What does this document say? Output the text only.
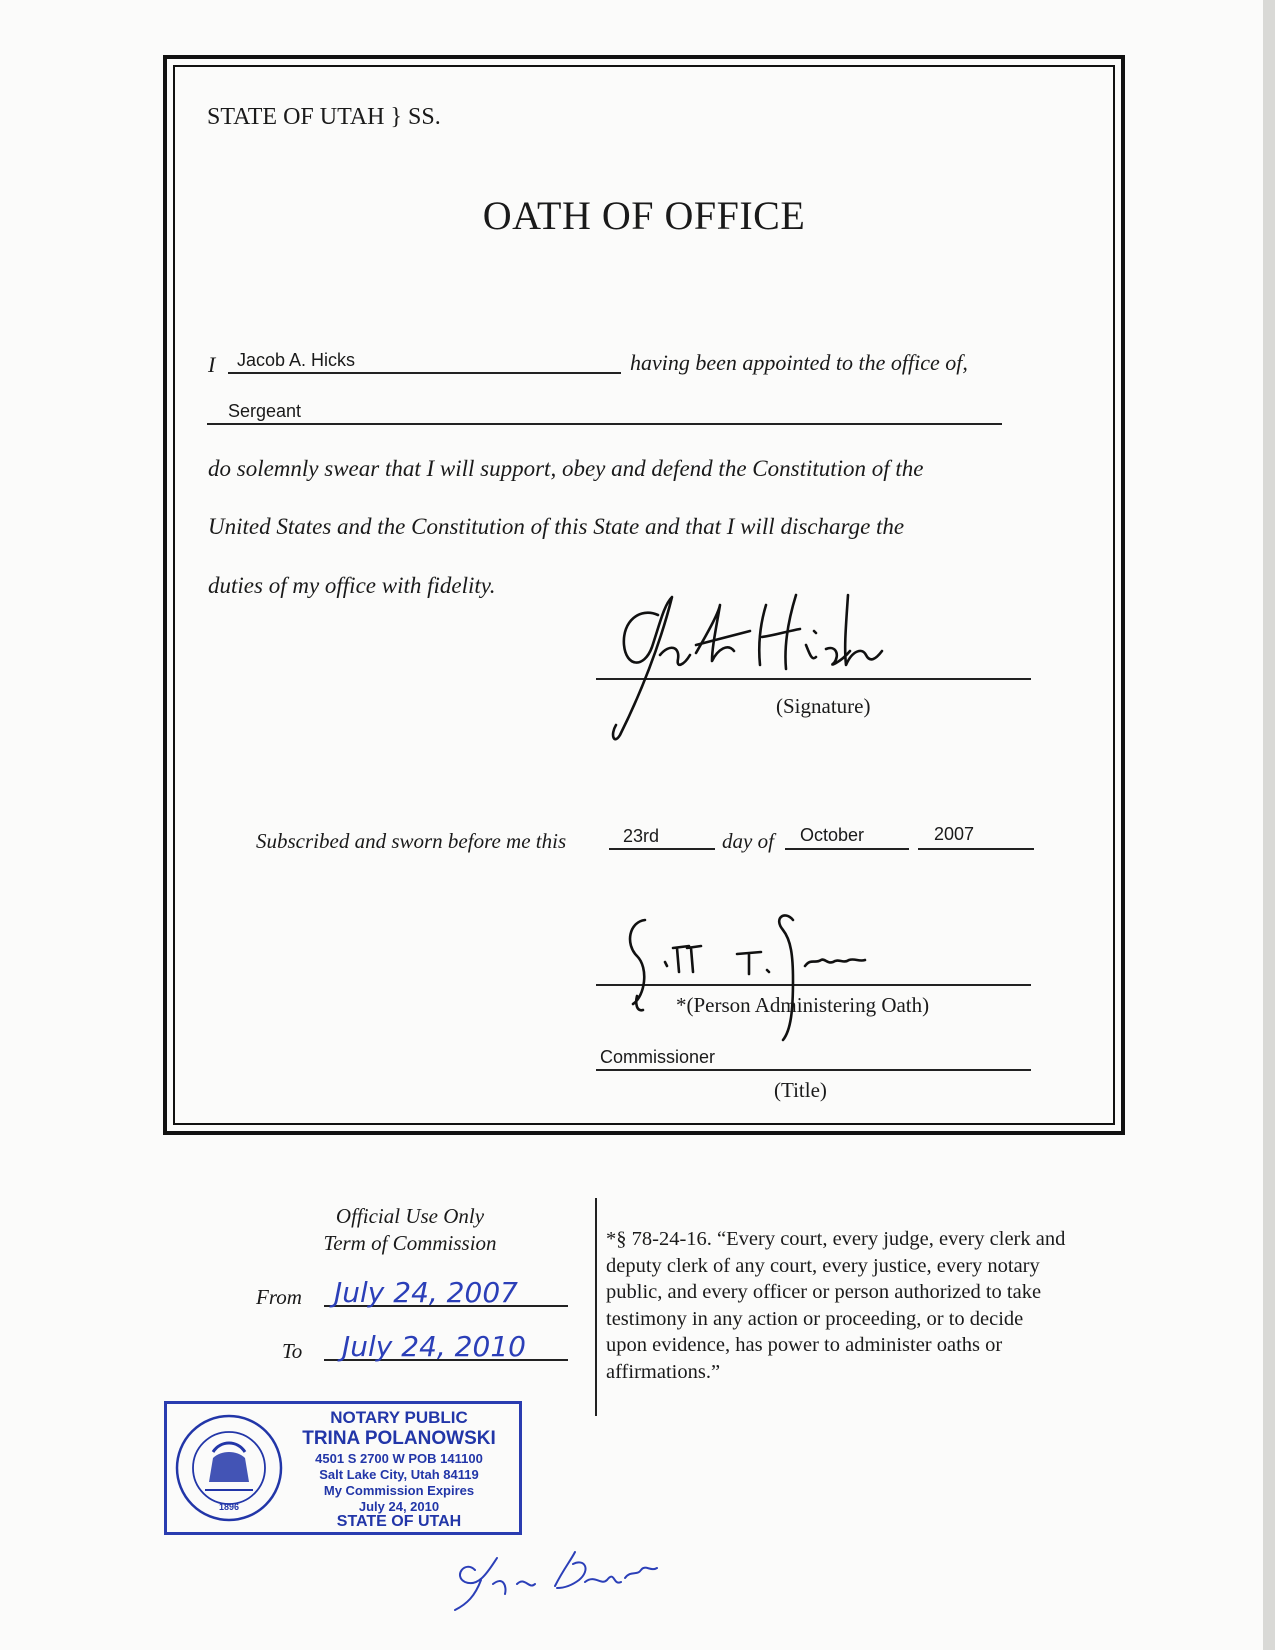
STATE OF UTAH } SS.
OATH OF OFFICE
I Jacob A. Hicks	having been appointed to the office of,
Sergeant
do solemnly swear that I will support, obey and defend the Constitution of the
United States and the Constitution of this State and that I will discharge the
duties of my office with fidelity.
(Signature)
Subscribed and sworn before me this	23rd	day of October	2007
*(Person Administering Oath)
Commissioner
(Title)
Official Use Only
Term of Commission
From July 24, 2007
To July 24, 2010
*§ 78-24-16. “Every court, every judge, every clerk and deputy clerk of any court, every justice, every notary public, and every officer or person authorized to take testimony in any action or proceeding, or to decide upon evidence, has power to administer oaths or affirmations.”
1896
NOTARY PUBLIC
TRINA POLANOWSKI
4501 S 2700 W POB 141100
Salt Lake City, Utah 84119
My Commission Expires
July 24, 2010
STATE OF UTAH
